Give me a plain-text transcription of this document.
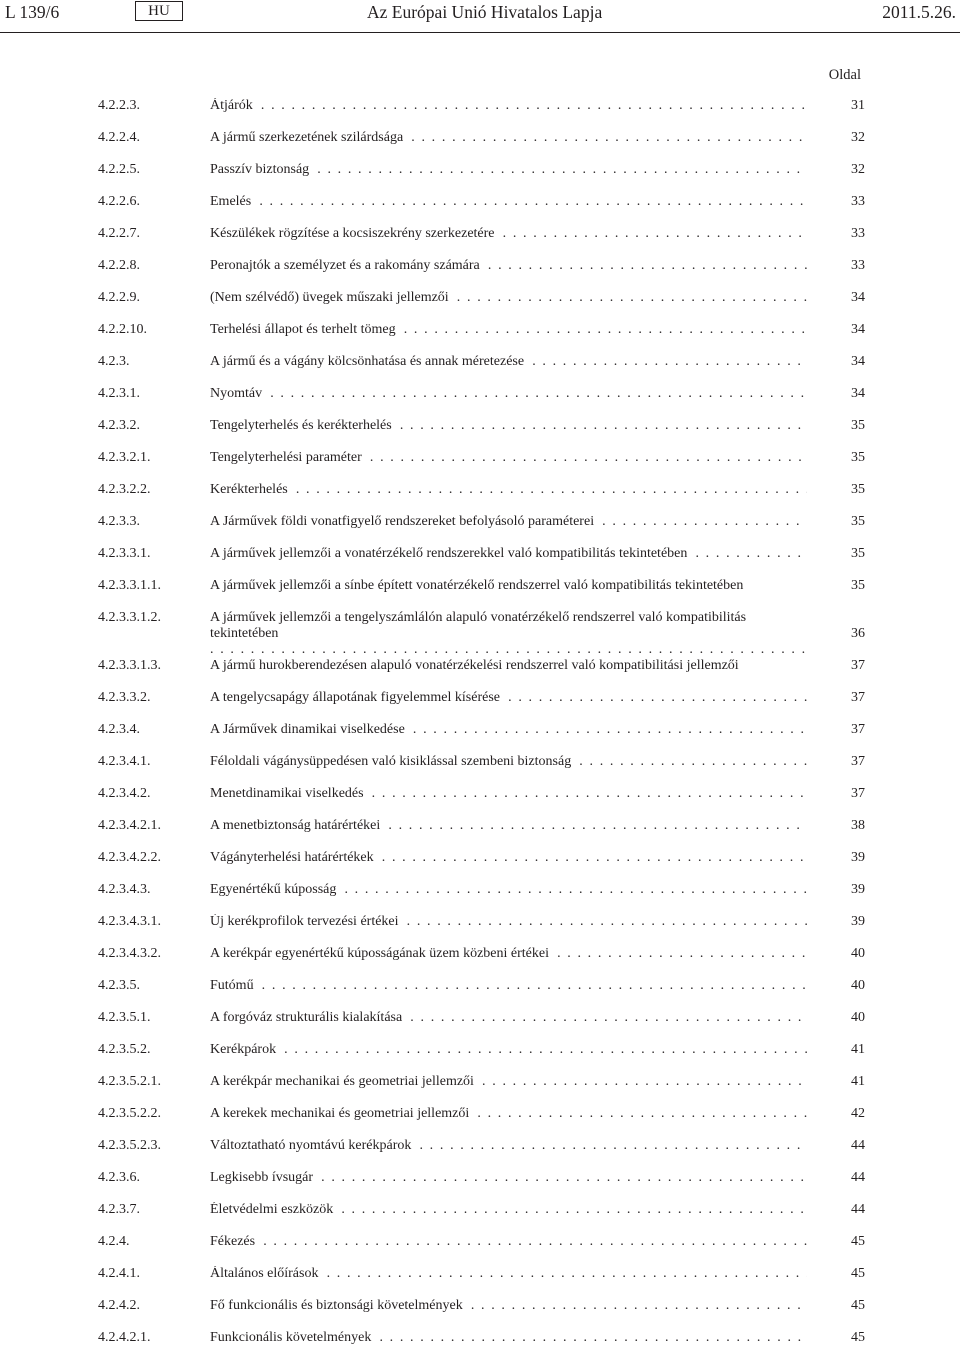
L 139/6	HU	Az Európai Unió Hivatalos Lapja	2011.5.26.
Oldal
4.2.2.3.	Átjárók . . .	31
4.2.2.4.	A jármű szerkezetének szilárdsága . . .	32
4.2.2.5.	Passzív biztonság . . .	32
4.2.2.6.	Emelés . . .	33
4.2.2.7.	Készülékek rögzítése a kocsiszekrény szerkezetére . . .	33
4.2.2.8.	Peronajtók a személyzet és a rakomány számára . . .	33
4.2.2.9.	(Nem szélvédő) üvegek műszaki jellemzői . . .	34
4.2.2.10.	Terhelési állapot és terhelt tömeg . . .	34
4.2.3.	A jármű és a vágány kölcsönhatása és annak méretezése . . .	34
4.2.3.1.	Nyomtáv . . .	34
4.2.3.2.	Tengelyterhelés és kerékterhelés . . .	35
4.2.3.2.1.	Tengelyterhelési paraméter . . .	35
4.2.3.2.2.	Kerékterhelés . . .	35
4.2.3.3.	A Járművek földi vonatfigyelő rendszereket befolyásoló paraméterei . . .	35
4.2.3.3.1.	A járművek jellemzői a vonatérzékelő rendszerekkel való kompatibilitás tekintetében . . .	35
4.2.3.3.1.1.	A járművek jellemzői a sínbe épített vonatérzékelő rendszerrel való kompatibilitás tekintetében	35
4.2.3.3.1.2.	A járművek jellemzői a tengelyszámlálón alapuló vonatérzékelő rendszerrel való kompatibilitás
tekintetében . . .	36
4.2.3.3.1.3.	A jármű hurokberendezésen alapuló vonatérzékelési rendszerrel való kompatibilitási jellemzői	37
4.2.3.3.2.	A tengelycsapágy állapotának figyelemmel kísérése . . .	37
4.2.3.4.	A Járművek dinamikai viselkedése . . .	37
4.2.3.4.1.	Féloldali vágánysüppedésen való kisiklással szembeni biztonság . . .	37
4.2.3.4.2.	Menetdinamikai viselkedés . . .	37
4.2.3.4.2.1.	A menetbiztonság határértékei . . .	38
4.2.3.4.2.2.	Vágányterhelési határértékek . . .	39
4.2.3.4.3.	Egyenértékű kúposság . . .	39
4.2.3.4.3.1.	Új kerékprofilok tervezési értékei . . .	39
4.2.3.4.3.2.	A kerékpár egyenértékű kúposságának üzem közbeni értékei . . .	40
4.2.3.5.	Futómű . . .	40
4.2.3.5.1.	A forgóváz strukturális kialakítása . . .	40
4.2.3.5.2.	Kerékpárok . . .	41
4.2.3.5.2.1.	A kerékpár mechanikai és geometriai jellemzői . . .	41
4.2.3.5.2.2.	A kerekek mechanikai és geometriai jellemzői . . .	42
4.2.3.5.2.3.	Változtatható nyomtávú kerékpárok . . .	44
4.2.3.6.	Legkisebb ívsugár . . .	44
4.2.3.7.	Életvédelmi eszközök . . .	44
4.2.4.	Fékezés . . .	45
4.2.4.1.	Általános előírások . . .	45
4.2.4.2.	Fő funkcionális és biztonsági követelmények . . .	45
4.2.4.2.1.	Funkcionális követelmények . . .	45
